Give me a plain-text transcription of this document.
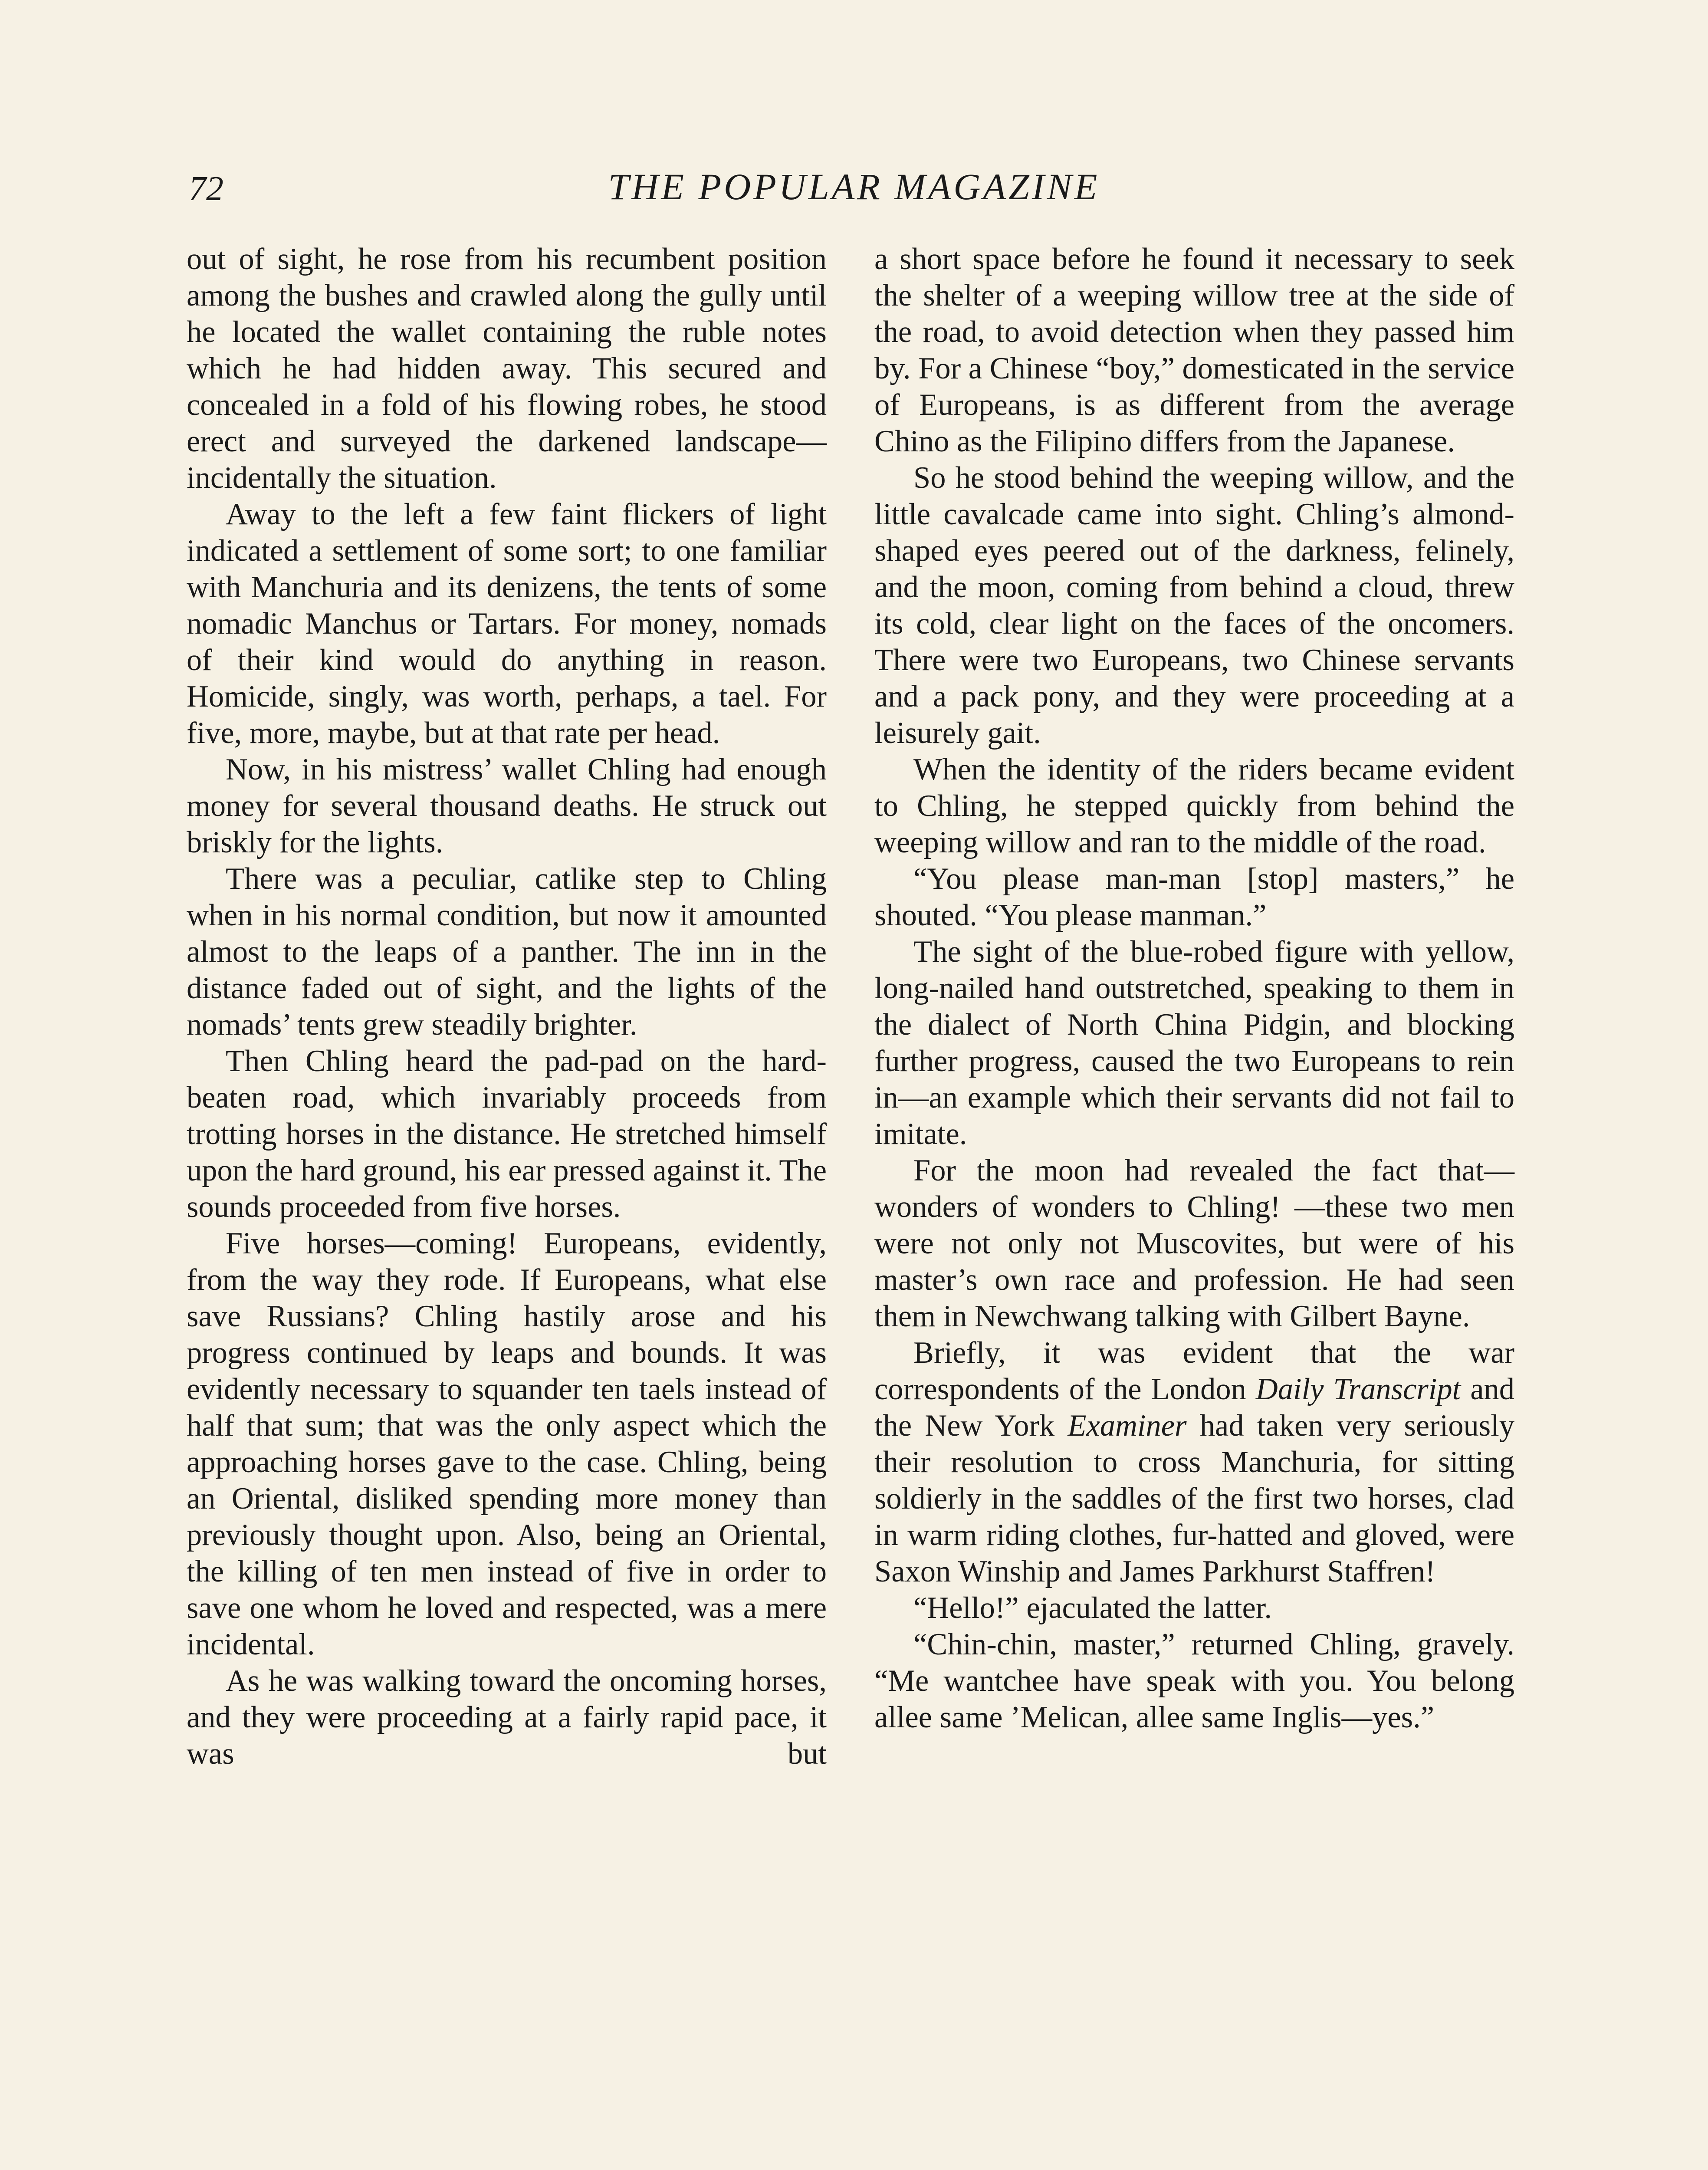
72	THE POPULAR MAGAZINE

out of sight, he rose from his recumbent position among the bushes and crawled along the gully until he located the wallet containing the ruble notes which he had hidden away. This secured and concealed in a fold of his flowing robes, he stood erect and surveyed the darkened landscape—incidentally the situation.

Away to the left a few faint flickers of light indicated a settlement of some sort; to one familiar with Manchuria and its denizens, the tents of some nomadic Manchus or Tartars. For money, nomads of their kind would do anything in reason. Homicide, singly, was worth, perhaps, a tael. For five, more, maybe, but at that rate per head.

Now, in his mistress’ wallet Chling had enough money for several thousand deaths. He struck out briskly for the lights.

There was a peculiar, catlike step to Chling when in his normal condition, but now it amounted almost to the leaps of a panther. The inn in the distance faded out of sight, and the lights of the nomads’ tents grew steadily brighter.

Then Chling heard the pad-pad on the hard-beaten road, which invariably proceeds from trotting horses in the distance. He stretched himself upon the hard ground, his ear pressed against it. The sounds proceeded from five horses.

Five horses—coming! Europeans, evidently, from the way they rode. If Europeans, what else save Russians? Chling hastily arose and his progress continued by leaps and bounds. It was evidently necessary to squander ten taels instead of half that sum; that was the only aspect which the approaching horses gave to the case. Chling, being an Oriental, disliked spending more money than previously thought upon. Also, being an Oriental, the killing of ten men instead of five in order to save one whom he loved and respected, was a mere incidental.

As he was walking toward the oncoming horses, and they were proceeding at a fairly rapid pace, it was but

a short space before he found it necessary to seek the shelter of a weeping willow tree at the side of the road, to avoid detection when they passed him by. For a Chinese “boy,” domesticated in the service of Europeans, is as different from the average Chino as the Filipino differs from the Japanese.

So he stood behind the weeping willow, and the little cavalcade came into sight. Chling’s almond-shaped eyes peered out of the darkness, felinely, and the moon, coming from behind a cloud, threw its cold, clear light on the faces of the oncomers. There were two Europeans, two Chinese servants and a pack pony, and they were proceeding at a leisurely gait.

When the identity of the riders became evident to Chling, he stepped quickly from behind the weeping willow and ran to the middle of the road.

“You please man-man [stop] masters,” he shouted. “You please manman.”

The sight of the blue-robed figure with yellow, long-nailed hand outstretched, speaking to them in the dialect of North China Pidgin, and blocking further progress, caused the two Europeans to rein in—an example which their servants did not fail to imitate.

For the moon had revealed the fact that—wonders of wonders to Chling! —these two men were not only not Muscovites, but were of his master’s own race and profession. He had seen them in Newchwang talking with Gilbert Bayne.

Briefly, it was evident that the war correspondents of the London Daily Transcript and the New York Examiner had taken very seriously their resolution to cross Manchuria, for sitting soldierly in the saddles of the first two horses, clad in warm riding clothes, fur-hatted and gloved, were Saxon Winship and James Parkhurst Staffren!

“Hello!” ejaculated the latter.

“Chin-chin, master,” returned Chling, gravely. “Me wantchee have speak with you. You belong allee same ’Melican, allee same Inglis—yes.”
